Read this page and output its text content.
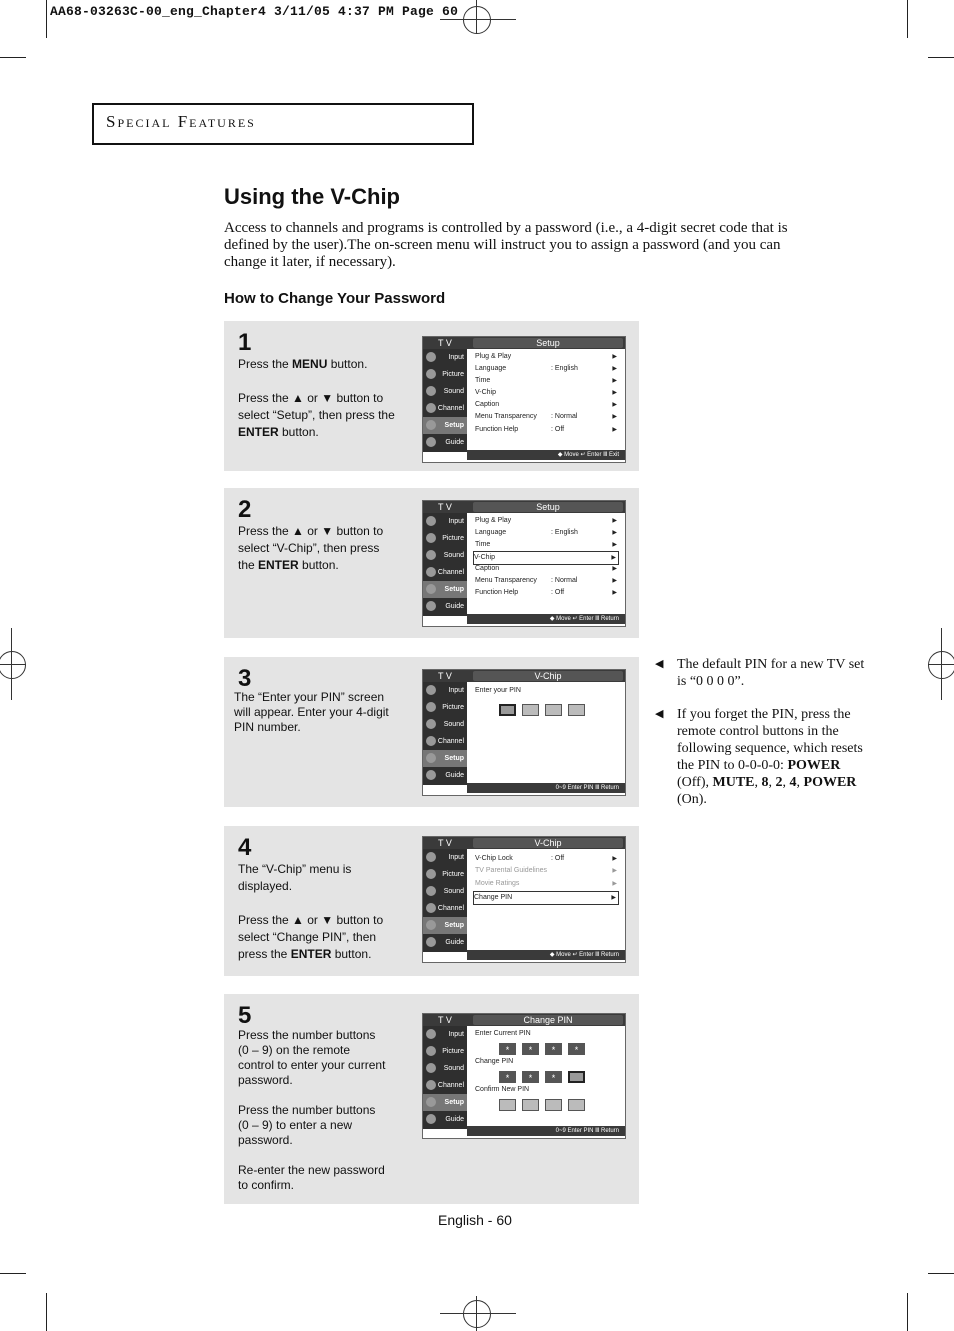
AA68-03263C-00_eng_Chapter4 3/11/05 4:37 PM Page 60
Special Features
Using the V-Chip
Access to channels and programs is controlled by a password (i.e., a 4-digit secret code that is defined by the user).The on-screen menu will instruct you to assign a password (and you can change it later, if necessary).
How to Change Your Password
1
Press the MENU button.

Press the ▲ or ▼ button to select “Setup”, then press the ENTER button.
T V	Setup
Input
Picture
Sound
Channel
Setup
Guide
Plug & Play	▶
Language	: English	▶
Time	▶
V-Chip	▶
Caption	▶
Menu Transparency : Normal	▶
Function Help	: Off	▶
◆ Move ↵ Enter Ⅲ Exit
2
Press the ▲ or ▼ button to select “V-Chip”, then press the ENTER button.
T V	Setup
Input
Picture
Sound
Channel
Setup
Guide
Plug & Play	▶
Language	: English	▶
Time	▶
V-Chip	▶
Caption	▶
Menu Transparency : Normal	▶
Function Help	: Off	▶
◆ Move ↵ Enter Ⅲ Return
3
The “Enter your PIN” screen will appear. Enter your 4-digit PIN number.
T V	V-Chip
Input
Picture
Sound
Channel
Setup
Guide
Enter your PIN
0~9 Enter PIN Ⅲ Return
4
The “V-Chip” menu is displayed.

Press the ▲ or ▼ button to select “Change PIN”, then press the ENTER button.
T V	V-Chip
Input
Picture
Sound
Channel
Setup
Guide
V-Chip Lock	: Off	▶
TV Parental Guidelines	▶
Movie Ratings	▶
Change PIN	▶
◆ Move ↵ Enter Ⅲ Return
5
Press the number buttons (0 – 9) on the remote control to enter your current password.

Press the number buttons (0 – 9) to enter a new password.

Re-enter the new password to confirm.
T V	Change PIN
Input
Picture
Sound
Channel
Setup
Guide
Enter Current PIN
*	*	*	*
Change PIN
*	*	*
Confirm New PIN
0~9 Enter PIN Ⅲ Return
◀ The default PIN for a new TV set is “0 0 0 0”.
◀ If you forget the PIN, press the remote control buttons in the following sequence, which resets the PIN to 0-0-0-0: POWER (Off), MUTE, 8, 2, 4, POWER (On).
English - 60
